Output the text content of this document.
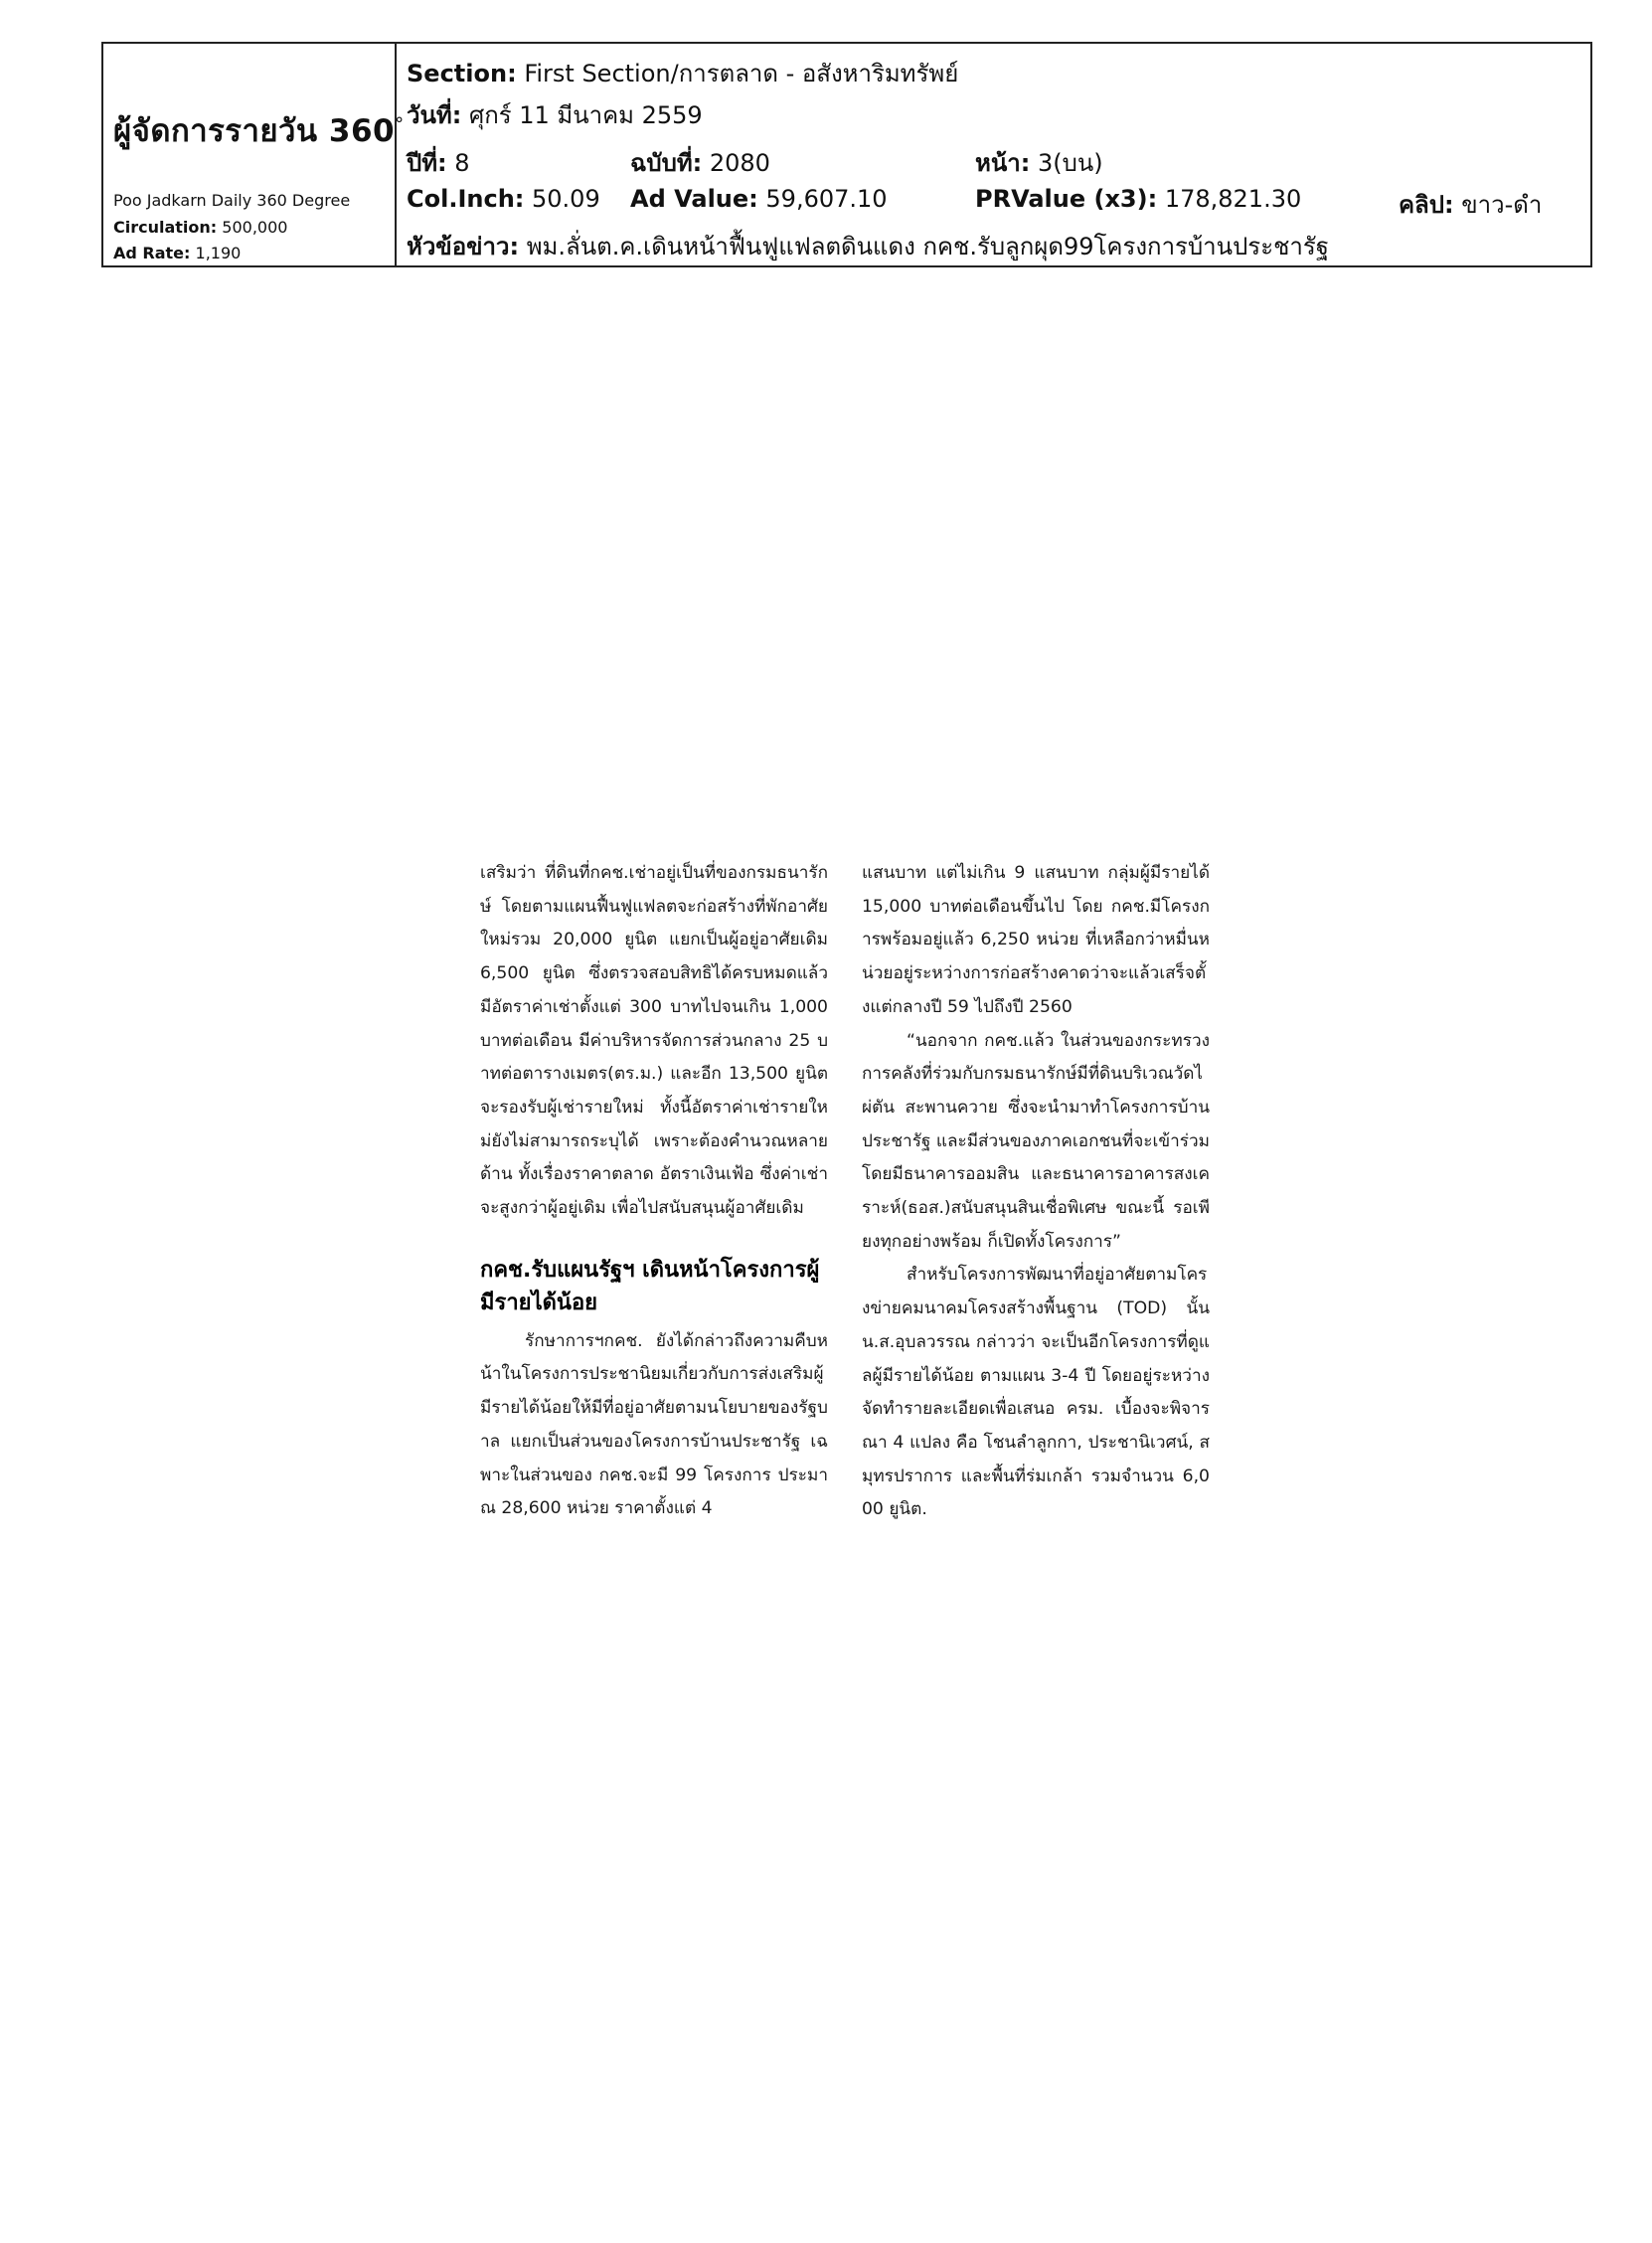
ผู้จัดการรายวัน 360°
Poo Jadkarn Daily 360 Degree
Circulation: 500,000
Ad Rate: 1,190
Section: First Section/การตลาด - อสังหาริมทรัพย์
วันที่: ศุกร์ 11 มีนาคม 2559
ปีที่: 8	ฉบับที่: 2080	หน้า: 3(บน)
Col.Inch: 50.09 Ad Value: 59,607.10	PRValue (x3): 178,821.30	คลิป: ขาว-ดำ
หัวข้อข่าว: พม.ลั่นต.ค.เดินหน้าฟื้นฟูแฟลตดินแดง กคช.รับลูกผุด99โครงการบ้านประชารัฐ

เสริมว่า ที่ดินที่กคช.เช่าอยู่เป็นที่ของกรมธนารักษ์ โดยตามแผนฟื้นฟูแฟลตจะก่อสร้างที่พักอาศัยใหม่รวม 20,000 ยูนิต แยกเป็นผู้อยู่อาศัยเดิม 6,500 ยูนิต ซึ่งตรวจสอบสิทธิได้ครบหมดแล้ว มีอัตราค่าเช่าตั้งแต่ 300 บาทไปจนเกิน 1,000 บาทต่อเดือน มีค่าบริหารจัดการส่วนกลาง 25 บาทต่อตารางเมตร(ตร.ม.) และอีก 13,500 ยูนิต จะรองรับผู้เช่ารายใหม่ ทั้งนี้อัตราค่าเช่ารายใหม่ยังไม่สามารถระบุได้ เพราะต้องคำนวณหลายด้าน ทั้งเรื่องราคาตลาด อัตราเงินเฟ้อ ซึ่งค่าเช่าจะสูงกว่าผู้อยู่เดิม เพื่อไปสนับสนุนผู้อาศัยเดิม

กคช.รับแผนรัฐฯ เดินหน้าโครงการผู้มีรายได้น้อย

รักษาการฯกคช. ยังได้กล่าวถึงความคืบหน้าในโครงการประชานิยมเกี่ยวกับการส่งเสริมผู้มีรายได้น้อยให้มีที่อยู่อาศัยตามนโยบายของรัฐบาล แยกเป็นส่วนของโครงการบ้านประชารัฐ เฉพาะในส่วนของ กคช.จะมี 99 โครงการ ประมาณ 28,600 หน่วย ราคาตั้งแต่ 4

แสนบาท แต่ไม่เกิน 9 แสนบาท กลุ่มผู้มีรายได้ 15,000 บาทต่อเดือนขึ้นไป โดย กคช.มีโครงการพร้อมอยู่แล้ว 6,250 หน่วย ที่เหลือกว่าหมื่นหน่วยอยู่ระหว่างการก่อสร้างคาดว่าจะแล้วเสร็จตั้งแต่กลางปี 59 ไปถึงปี 2560

“นอกจาก กคช.แล้ว ในส่วนของกระทรวงการคลังที่ร่วมกับกรมธนารักษ์มีที่ดินบริเวณวัดไผ่ตัน สะพานควาย ซึ่งจะนำมาทำโครงการบ้านประชารัฐ และมีส่วนของภาคเอกชนที่จะเข้าร่วม โดยมีธนาคารออมสิน และธนาคารอาคารสงเคราะห์(ธอส.)สนับสนุนสินเชื่อพิเศษ ขณะนี้ รอเพียงทุกอย่างพร้อม ก็เปิดทั้งโครงการ”

สำหรับโครงการพัฒนาที่อยู่อาศัยตามโครงข่ายคมนาคมโครงสร้างพื้นฐาน (TOD) นั้น น.ส.อุบลวรรณ กล่าวว่า จะเป็นอีกโครงการที่ดูแลผู้มีรายได้น้อย ตามแผน 3-4 ปี โดยอยู่ระหว่างจัดทำรายละเอียดเพื่อเสนอ ครม. เบื้องจะพิจารณา 4 แปลง คือ โชนลำลูกกา, ประชานิเวศน์, สมุทรปราการ และพื้นที่ร่มเกล้า รวมจำนวน 6,000 ยูนิต.
